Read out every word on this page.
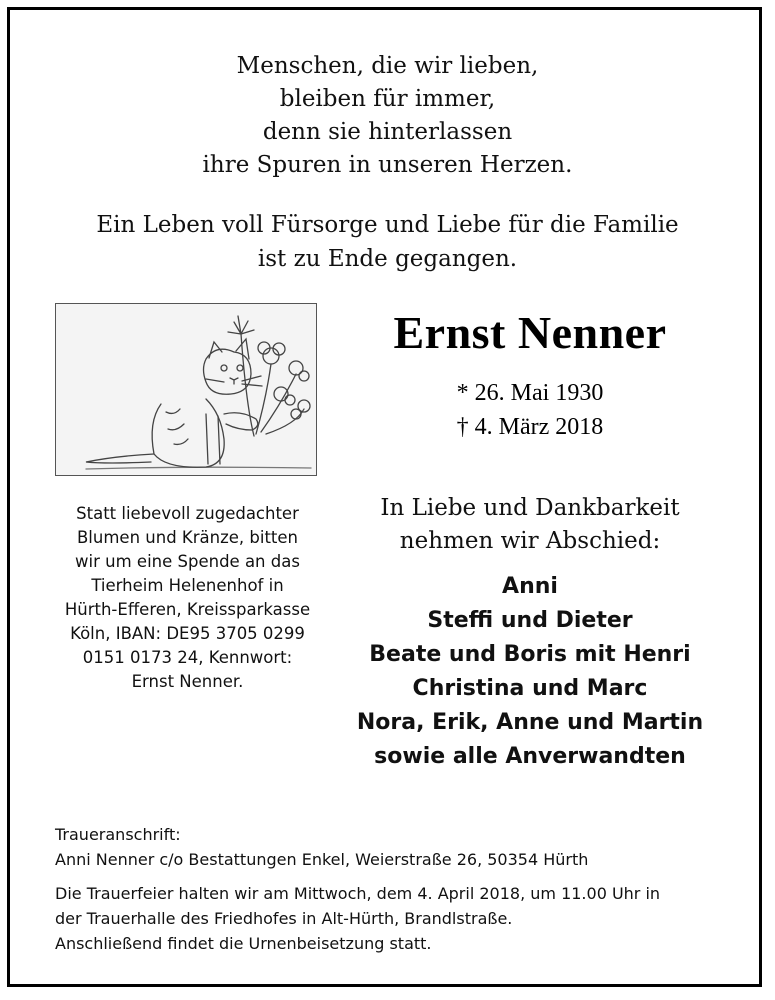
Menschen, die wir lieben,
bleiben für immer,
denn sie hinterlassen
ihre Spuren in unseren Herzen.
Ein Leben voll Fürsorge und Liebe für die Familie
ist zu Ende gegangen.
Ernst Nenner
* 26. Mai 1930
† 4. März 2018
Statt liebevoll zugedachter
Blumen und Kränze, bitten
wir um eine Spende an das
Tierheim Helenenhof in
Hürth-Efferen, Kreissparkasse
Köln, IBAN: DE95 3705 0299
0151 0173 24, Kennwort:
Ernst Nenner.
In Liebe und Dankbarkeit
nehmen wir Abschied:
Anni
Steffi und Dieter
Beate und Boris mit Henri
Christina und Marc
Nora, Erik, Anne und Martin
sowie alle Anverwandten
Traueranschrift:
Anni Nenner c/o Bestattungen Enkel, Weierstraße 26, 50354 Hürth
Die Trauerfeier halten wir am Mittwoch, dem 4. April 2018, um 11.00 Uhr in
der Trauerhalle des Friedhofes in Alt-Hürth, Brandlstraße.
Anschließend findet die Urnenbeisetzung statt.
